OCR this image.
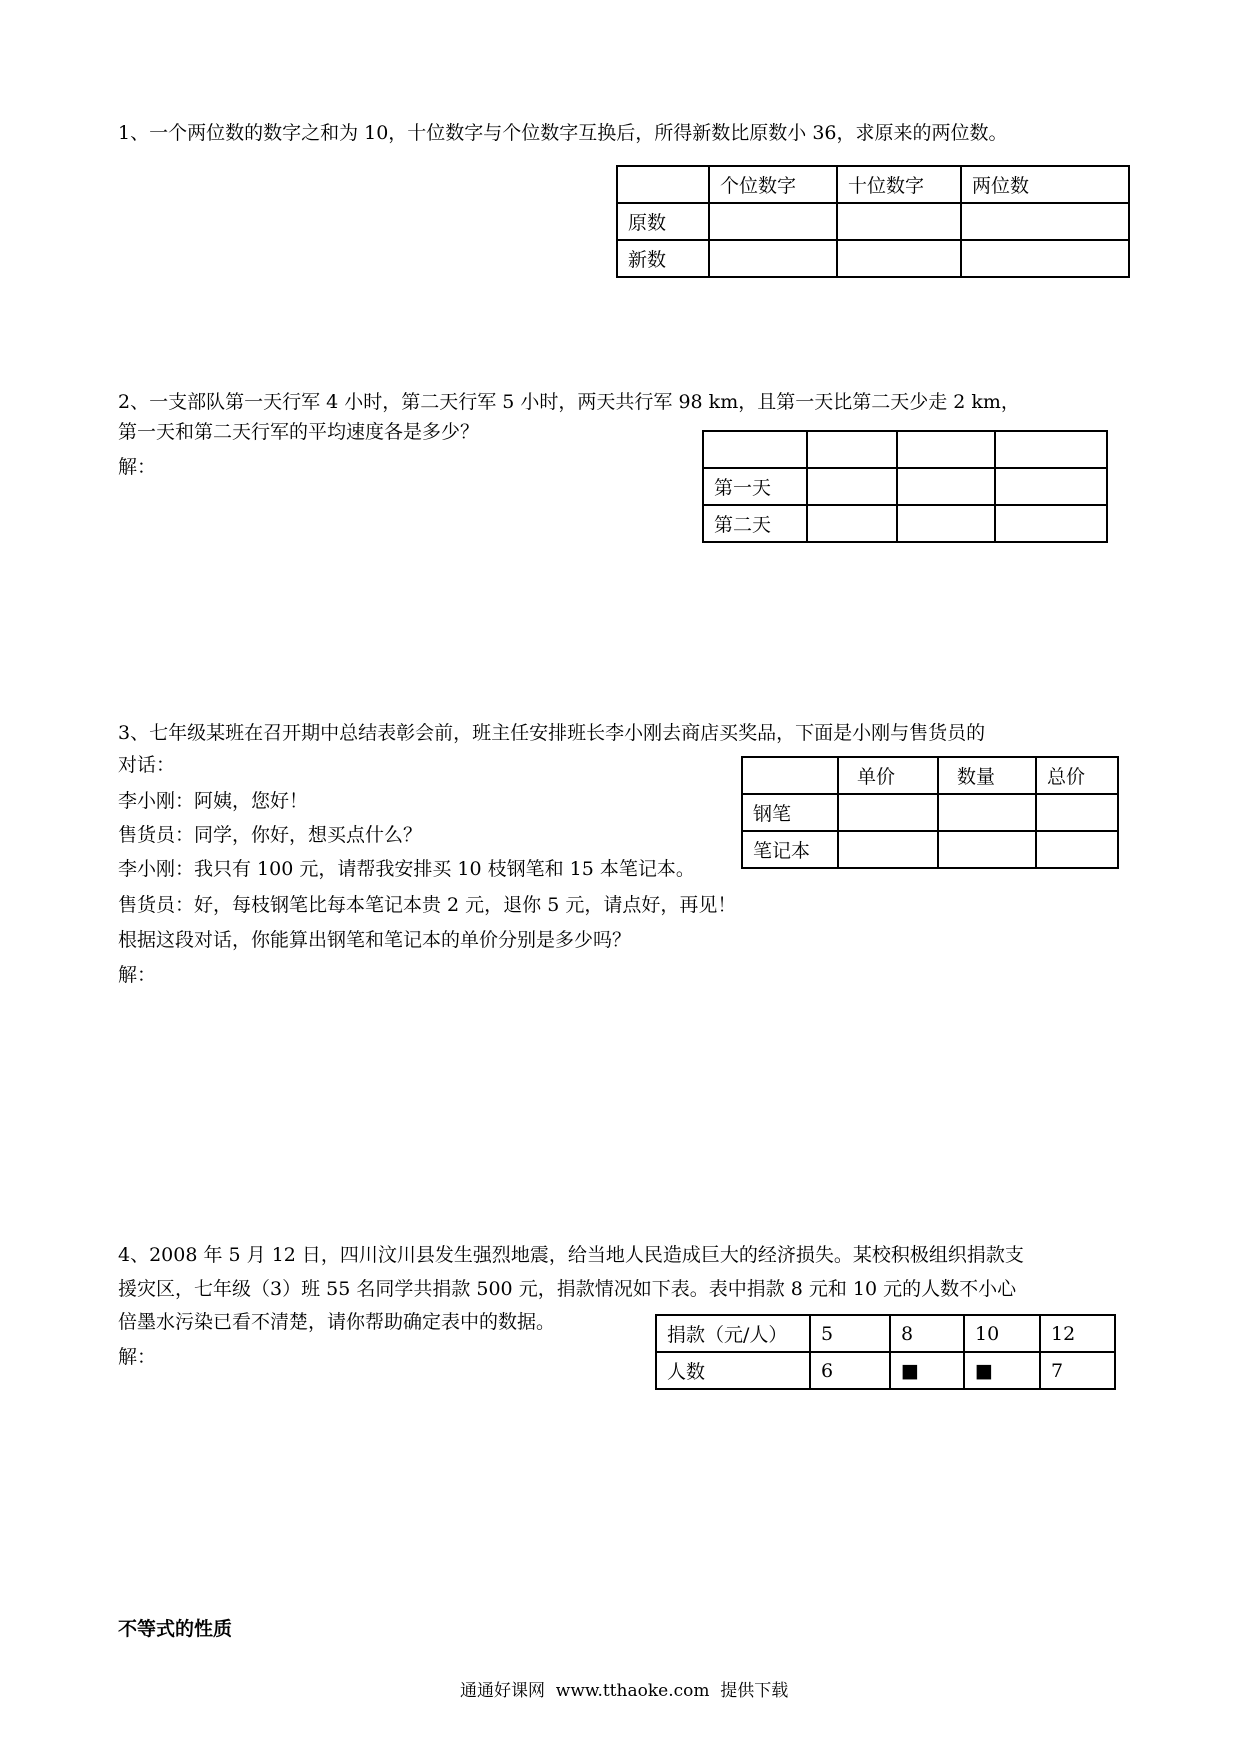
1、一个两位数的数字之和为 10，十位数字与个位数字互换后，所得新数比原数小 36，求原来的两位数。
	个位数字	十位数字	两位数
原数			
新数			
2、一支部队第一天行军 4 小时，第二天行军 5 小时，两天共行军 98 km，且第一天比第二天少走 2 km，
第一天和第二天行军的平均速度各是多少？
解：

第一天			
第二天			
3、七年级某班在召开期中总结表彰会前，班主任安排班长李小刚去商店买奖品，下面是小刚与售货员的
对话：
李小刚：阿姨，您好！
售货员：同学，你好，想买点什么？
李小刚：我只有 100 元，请帮我安排买 10 枝钢笔和 15 本笔记本。
售货员：好，每枝钢笔比每本笔记本贵 2 元，退你 5 元，请点好，再见！
根据这段对话，你能算出钢笔和笔记本的单价分别是多少吗？
解：
	单价	数量	总价
钢笔			
笔记本			
4、2008 年 5 月 12 日，四川汶川县发生强烈地震，给当地人民造成巨大的经济损失。某校积极组织捐款支
援灾区，七年级（3）班 55 名同学共捐款 500 元，捐款情况如下表。表中捐款 8 元和 10 元的人数不小心
倍墨水污染已看不清楚，请你帮助确定表中的数据。
解：
捐款（元/人）	5	8	10	12
人数	6	■	■	7
不等式的性质
通通好课网  www.tthaoke.com  提供下载
